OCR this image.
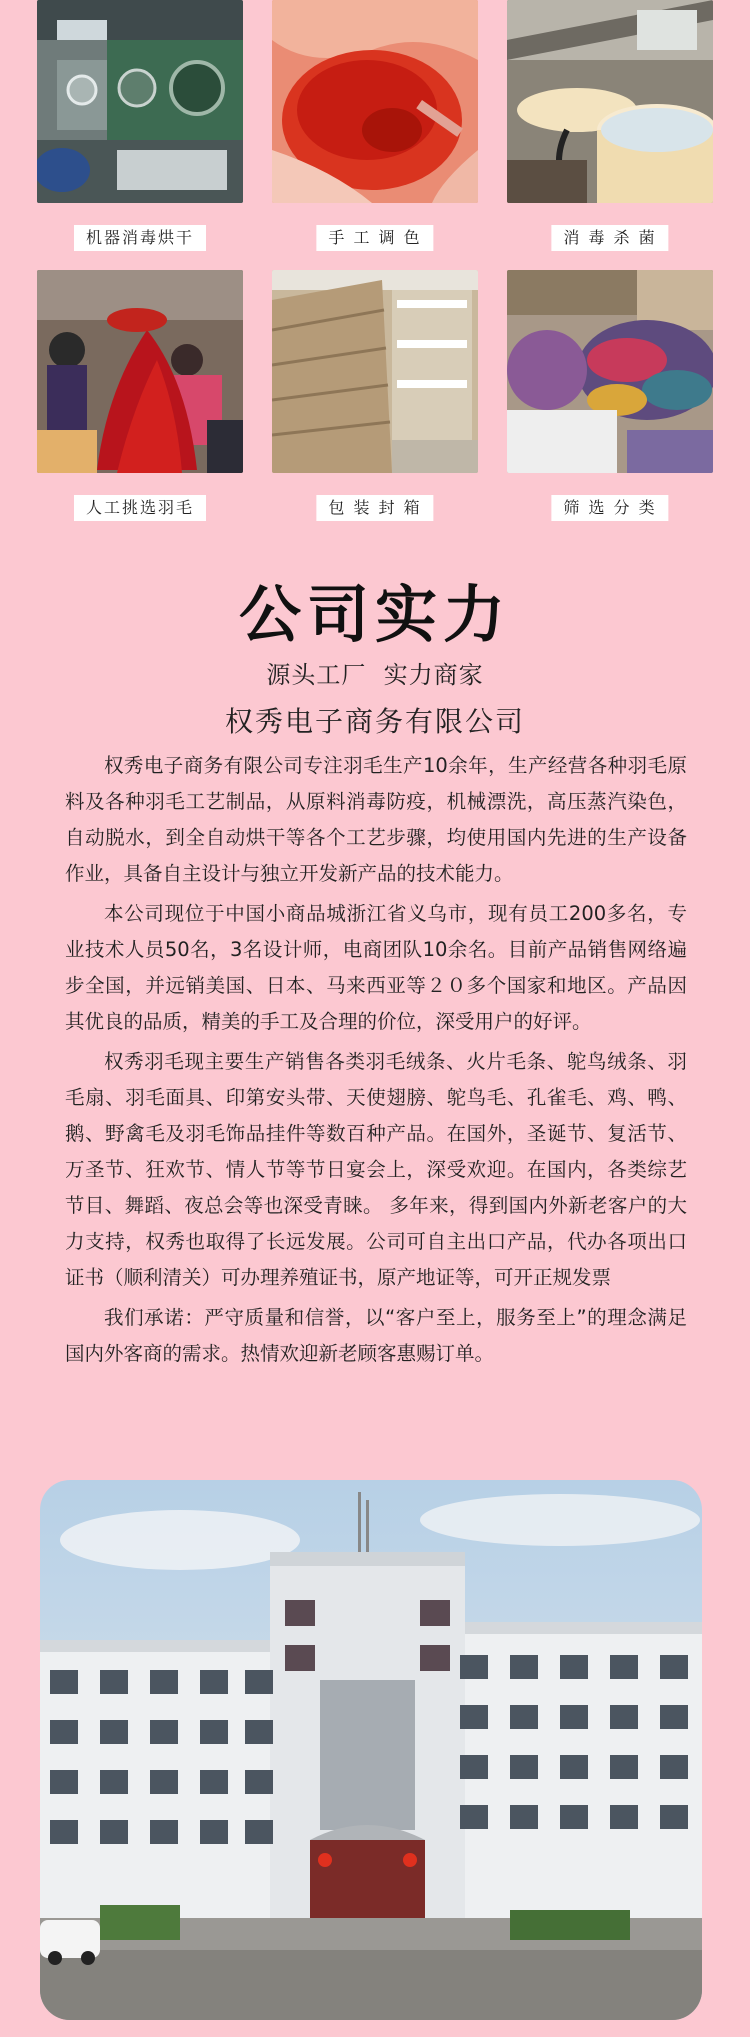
机器消毒烘干	手 工 调 色	消 毒 杀 菌
人工挑选羽毛	包 装 封 箱	筛 选 分 类
公司实力
源头工厂  实力商家
权秀电子商务有限公司

权秀电子商务有限公司专注羽毛生产10余年，生产经营各种羽毛原料及各种羽毛工艺制品，从原料消毒防疫，机械漂洗，高压蒸汽染色，自动脱水，到全自动烘干等各个工艺步骤，均使用国内先进的生产设备作业，具备自主设计与独立开发新产品的技术能力。

本公司现位于中国小商品城浙江省义乌市，现有员工200多名，专业技术人员50名，3名设计师，电商团队10余名。目前产品销售网络遍步全国，并远销美国、日本、马来西亚等２０多个国家和地区。产品因其优良的品质，精美的手工及合理的价位，深受用户的好评。

权秀羽毛现主要生产销售各类羽毛绒条、火片毛条、鸵鸟绒条、羽毛扇、羽毛面具、印第安头带、天使翅膀、鸵鸟毛、孔雀毛、鸡、鸭、鹅、野禽毛及羽毛饰品挂件等数百种产品。在国外，圣诞节、复活节、万圣节、狂欢节、情人节等节日宴会上，深受欢迎。在国内，各类综艺节目、舞蹈、夜总会等也深受青睐。 多年来，得到国内外新老客户的大力支持，权秀也取得了长远发展。公司可自主出口产品，代办各项出口证书（顺利清关）可办理养殖证书，原产地证等，可开正规发票

我们承诺：严守质量和信誉，以“客户至上，服务至上”的理念满足国内外客商的需求。热情欢迎新老顾客惠赐订单。
